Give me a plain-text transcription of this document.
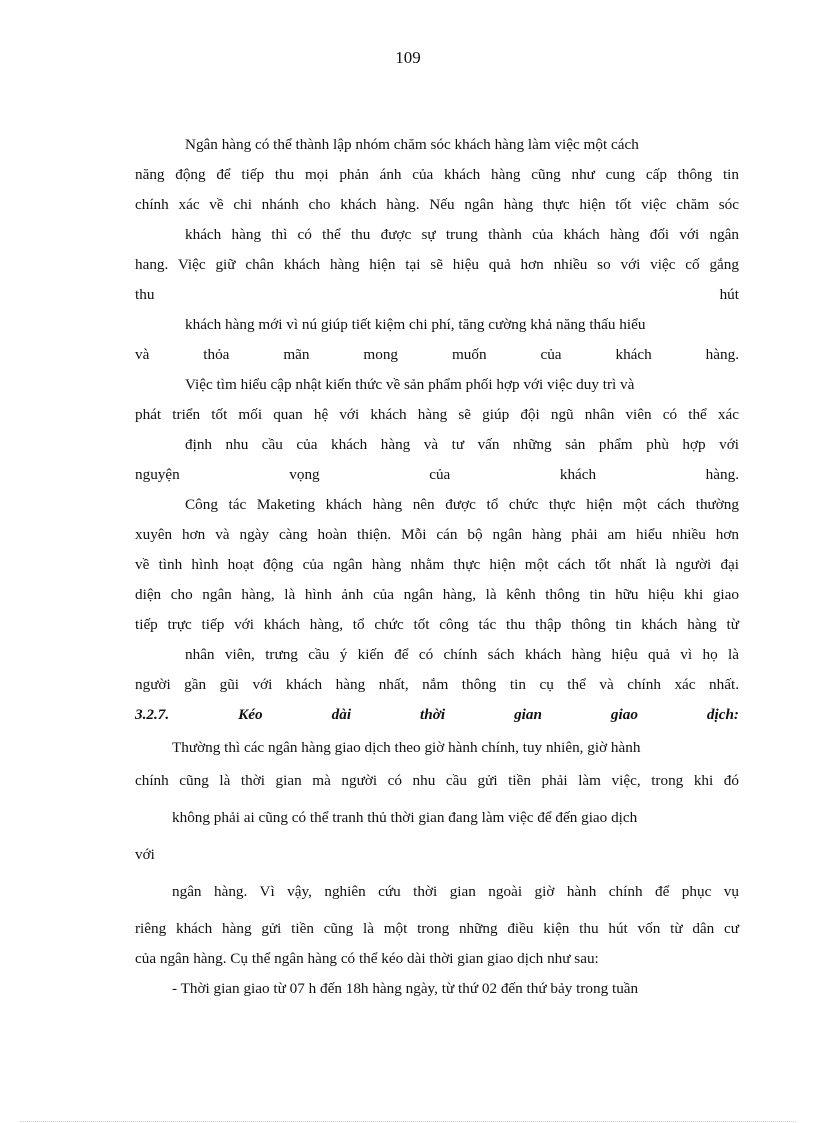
109
Ngân hàng có thể thành lập nhóm chăm sóc khách hàng làm việc một cách
năng động để tiếp thu mọi phản ánh của khách hàng cũng như cung cấp thông tin
chính xác về chi nhánh cho khách hàng. Nếu ngân hàng thực hiện tốt việc chăm sóc
khách hàng thì có thể thu được sự trung thành của khách hàng đối với ngân
hang. Việc giữ chân khách hàng hiện tại sẽ hiệu quả hơn nhiều so với việc cố gắng
thu hút
khách hàng mới vì nú giúp tiết kiệm chi phí, tăng cường khả năng thấu hiểu
và thỏa mãn mong muốn của khách hàng.
Việc tìm hiểu cập nhật kiến thức về sản phẩm phối hợp với việc duy trì và
phát triển tốt mối quan hệ với khách hàng sẽ giúp đội ngũ nhân viên có thể xác
định nhu cầu của khách hàng và tư vấn những sản phẩm phù hợp với
nguyện vọng của khách hàng.
Công tác Maketing khách hàng nên được tổ chức thực hiện một cách thường
xuyên hơn và ngày càng hoàn thiện. Mỗi cán bộ ngân hàng phải am hiểu nhiều hơn
về tình hình hoạt động của ngân hàng nhằm thực hiện một cách tốt nhất là người đại
diện cho ngân hàng, là hình ảnh của ngân hàng, là kênh thông tin hữu hiệu khi giao
tiếp trực tiếp với khách hàng, tổ chức tốt công tác thu thập thông tin khách hàng từ
nhân viên, trưng cầu ý kiến để có chính sách khách hàng hiệu quả vì họ là
người gần gũi với khách hàng nhất, nắm thông tin cụ thể và chính xác nhất.
3.2.7. Kéo dài thời gian giao dịch:
Thường thì các ngân hàng giao dịch theo giờ hành chính, tuy nhiên, giờ hành
chính cũng là thời gian mà người có nhu cầu gửi tiền phải làm việc, trong khi đó
không phải ai cũng có thể tranh thủ thời gian đang làm việc để đến giao dịch
với
ngân hàng. Vì vậy, nghiên cứu thời gian ngoài giờ hành chính để phục vụ
riêng khách hàng gửi tiền cũng là một trong những điều kiện thu hút vốn từ dân cư
của ngân hàng. Cụ thể ngân hàng có thể kéo dài thời gian giao dịch như sau:
- Thời gian giao từ 07 h đến 18h hàng ngày, từ thứ 02 đến thứ bảy trong tuần
